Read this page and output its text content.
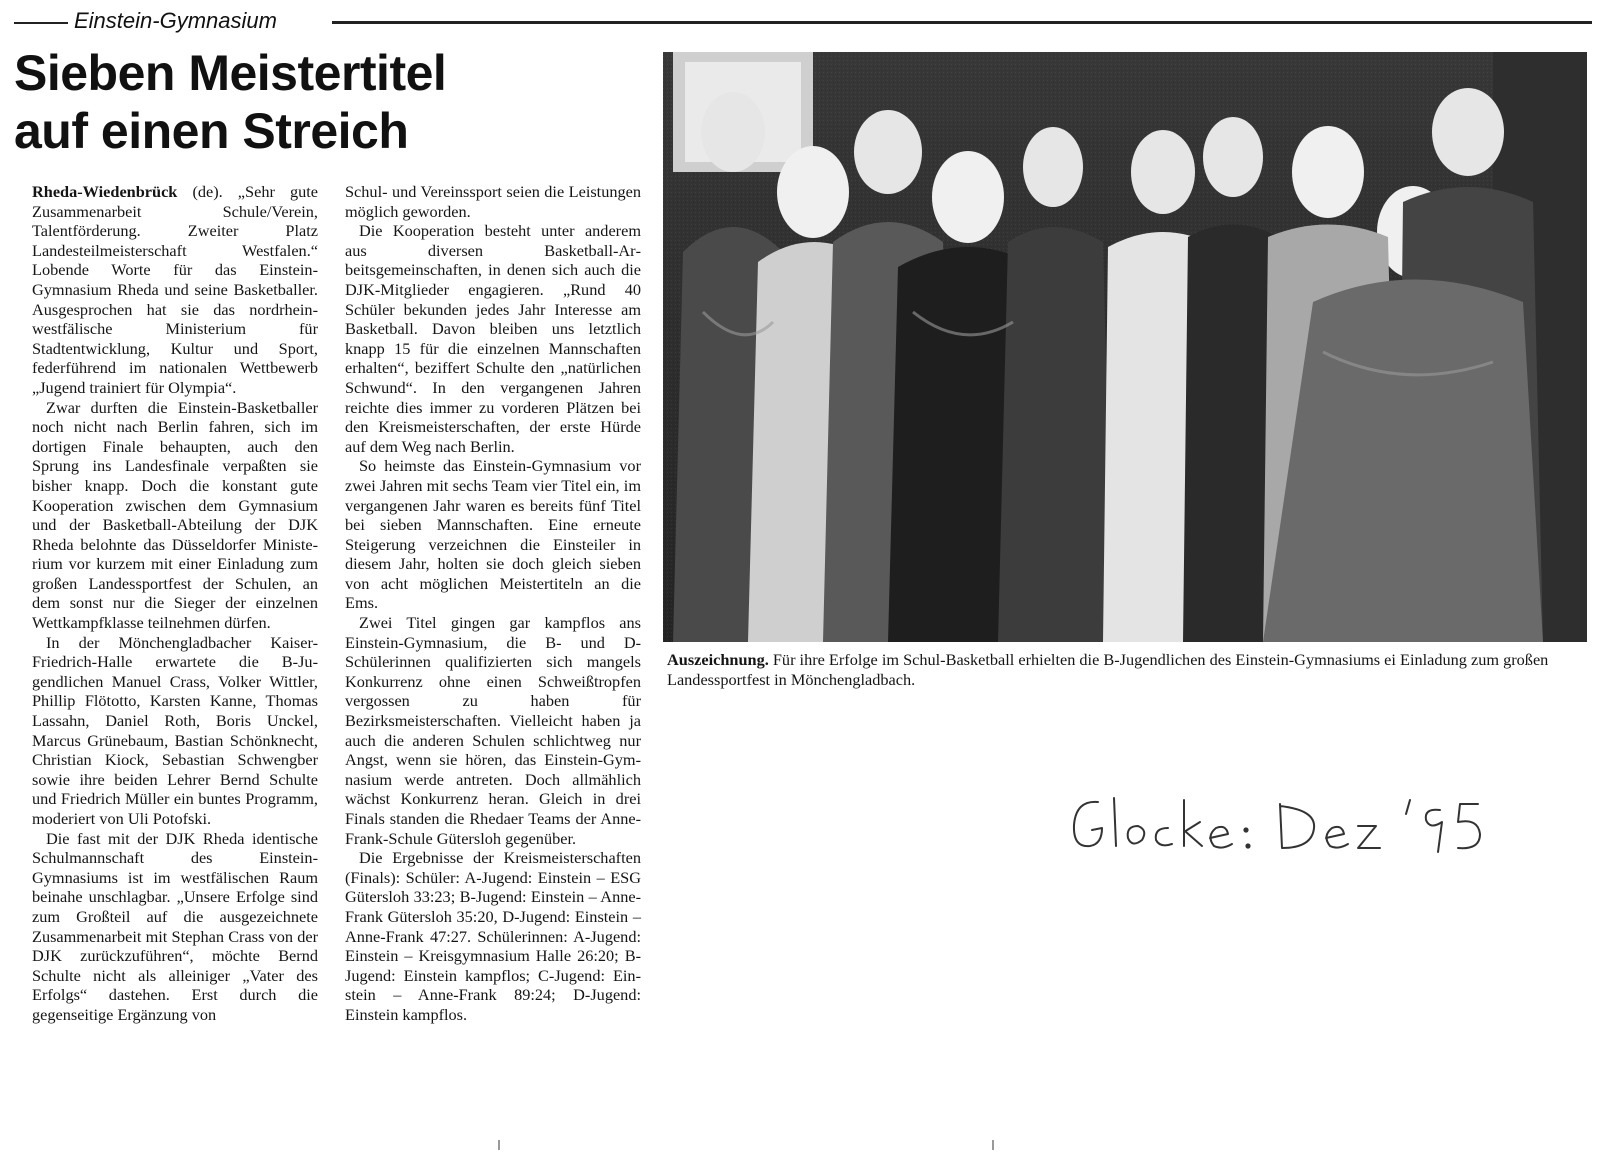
Einstein-Gymnasium
Sieben Meistertitel
auf einen Streich

Rheda-Wiedenbrück (de). „Sehr gute Zusammenarbeit Schule/Verein, Talentförderung. Zweiter Platz Landesteilmeisterschaft Westfalen.“ Lobende Worte für das Einstein-Gymnasium Rheda und seine Basketballer. Ausgesprochen hat sie das nordrhein-westfälische Ministerium für Stadtentwicklung, Kultur und Sport, federführend im nationalen Wettbewerb „Jugend trainiert für Olympia“.

Zwar durften die Einstein-Basketballer noch nicht nach Berlin fahren, sich im dortigen Finale behaupten, auch den Sprung ins Landesfinale verpaßten sie bisher knapp. Doch die konstant gute Kooperation zwischen dem Gymnasium und der Basketball-Abteilung der DJK Rheda belohnte das Düsseldorfer Ministerium vor kurzem mit einer Einladung zum großen Landessportfest der Schulen, an dem sonst nur die Sieger der einzelnen Wettkampfklasse teilnehmen dürfen.

In der Mönchengladbacher Kaiser-Friedrich-Halle erwartete die B-Jugendlichen Manuel Crass, Volker Wittler, Phillip Flötotto, Karsten Kanne, Thomas Lassahn, Daniel Roth, Boris Unckel, Marcus Grünebaum, Bastian Schönknecht, Christian Kiock, Sebastian Schwengber sowie ihre beiden Lehrer Bernd Schulte und Friedrich Müller ein buntes Programm, moderiert von Uli Potofski.

Die fast mit der DJK Rheda identische Schulmannschaft des Einstein-Gymnasiums ist im westfälischen Raum beinahe unschlagbar. „Unsere Erfolge sind zum Großteil auf die ausgezeichnete Zusammenarbeit mit Stephan Crass von der DJK zurückzuführen“, möchte Bernd Schulte nicht als alleiniger „Vater des Erfolgs“ dastehen. Erst durch die gegenseitige Ergänzung von

Schul- und Vereinssport seien die Leistungen möglich geworden.

Die Kooperation besteht unter anderem aus diversen Basketball-Arbeitsgemeinschaften, in denen sich auch die DJK-Mitglieder engagieren. „Rund 40 Schüler bekunden jedes Jahr Interesse am Basketball. Davon bleiben uns letztlich knapp 15 für die einzelnen Mannschaften erhalten“, beziffert Schulte den „natürlichen Schwund“. In den vergangenen Jahren reichte dies immer zu vorderen Plätzen bei den Kreismeisterschaften, der erste Hürde auf dem Weg nach Berlin.

So heimste das Einstein-Gymnasium vor zwei Jahren mit sechs Team vier Titel ein, im vergangenen Jahr waren es bereits fünf Titel bei sieben Mannschaften. Eine erneute Steigerung verzeichnen die Einsteiler in diesem Jahr, holten sie doch gleich sieben von acht möglichen Meistertiteln an die Ems.

Zwei Titel gingen gar kampflos ans Einstein-Gymnasium, die B- und D-Schülerinnen qualifizierten sich mangels Konkurrenz ohne einen Schweißtropfen vergossen zu haben für Bezirksmeisterschaften. Vielleicht haben ja auch die anderen Schulen schlichtweg nur Angst, wenn sie hören, das Einstein-Gymnasium werde antreten. Doch allmählich wächst Konkurrenz heran. Gleich in drei Finals standen die Rhedaer Teams der Anne-Frank-Schule Gütersloh gegenüber.

Die Ergebnisse der Kreismeisterschaften (Finals): Schüler: A-Jugend: Einstein – ESG Gütersloh 33:23; B-Jugend: Einstein – Anne-Frank Gütersloh 35:20, D-Jugend: Einstein – Anne-Frank 47:27. Schülerinnen: A-Jugend: Einstein – Kreisgymnasium Halle 26:20; B-Jugend: Einstein kampflos; C-Jugend: Einstein – Anne-Frank 89:24; D-Jugend: Einstein kampflos.

Auszeichnung. Für ihre Erfolge im Schul-Basketball erhielten die B-Jugendlichen des Einstein-Gymnasiums ei Einladung zum großen Landessportfest in Mönchengladbach.
